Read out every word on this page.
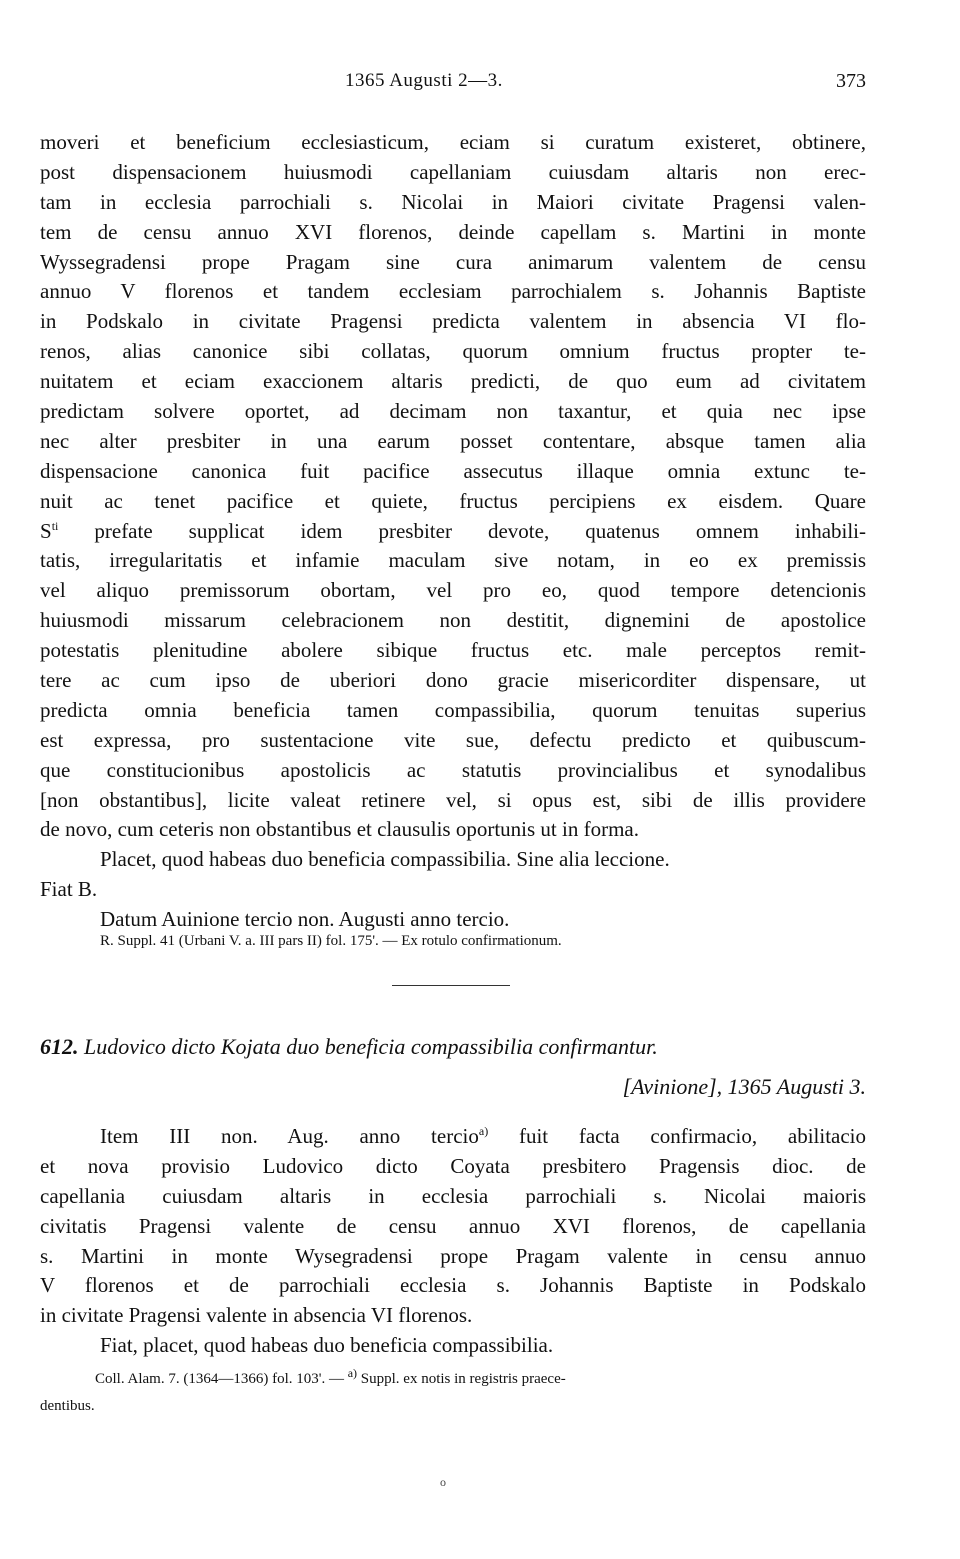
1365 Augusti 2—3.	373
moveri et beneficium ecclesiasticum, eciam si curatum existeret, obtinere,
post dispensacionem huiusmodi capellaniam cuiusdam altaris non erec-
tam in ecclesia parrochiali s. Nicolai in Maiori civitate Pragensi valen-
tem de censu annuo XVI florenos, deinde capellam s. Martini in monte
Wyssegradensi prope Pragam sine cura animarum valentem de censu
annuo V florenos et tandem ecclesiam parrochialem s. Johannis Baptiste
in Podskalo in civitate Pragensi predicta valentem in absencia VI flo-
renos, alias canonice sibi collatas, quorum omnium fructus propter te-
nuitatem et eciam exaccionem altaris predicti, de quo eum ad civitatem
predictam solvere oportet, ad decimam non taxantur, et quia nec ipse
nec alter presbiter in una earum posset contentare, absque tamen alia
dispensacione canonica fuit pacifice assecutus illaque omnia extunc te-
nuit ac tenet pacifice et quiete, fructus percipiens ex eisdem. Quare
$S^{ti}$ prefate supplicat idem presbiter devote, quatenus omnem inhabili-
tatis, irregularitatis et infamie maculam sive notam, in eo ex premissis
vel aliquo premissorum obortam, vel pro eo, quod tempore detencionis
huiusmodi missarum celebracionem non destitit, dignemini de apostolice
potestatis plenitudine abolere sibique fructus etc. male perceptos remit-
tere ac cum ipso de uberiori dono gracie misericorditer dispensare, ut
predicta omnia beneficia tamen compassibilia, quorum tenuitas superius
est expressa, pro sustentacione vite sue, defectu predicto et quibuscum-
que constitucionibus apostolicis ac statutis provincialibus et synodalibus
[non obstantibus], licite valeat retinere vel, si opus est, sibi de illis providere
de novo, cum ceteris non obstantibus et clausulis oportunis ut in forma.
Placet, quod habeas duo beneficia compassibilia. Sine alia leccione.
Fiat B.
Datum Auinione tercio non. Augusti anno tercio.
R. Suppl. 41 (Urbani V. a. III pars II) fol. 175'. — Ex rotulo confirmationum.
612. Ludovico dicto Kojata duo beneficia compassibilia confirmantur.
[Avinione], 1365 Augusti 3.
Item III non. Aug. anno tercio$^{a)}$ fuit facta confirmacio, abilitacio
et nova provisio Ludovico dicto Coyata presbitero Pragensis dioc. de
capellania cuiusdam altaris in ecclesia parrochiali s. Nicolai maioris
civitatis Pragensi valente de censu annuo XVI florenos, de capellania
s. Martini in monte Wysegradensi prope Pragam valente in censu annuo
V florenos et de parrochiali ecclesia s. Johannis Baptiste in Podskalo
in civitate Pragensi valente in absencia VI florenos.
Fiat, placet, quod habeas duo beneficia compassibilia.
Coll. Alam. 7. (1364—1366) fol. 103'. — $^{a)}$ Suppl. ex notis in registris praece-
dentibus.
o
